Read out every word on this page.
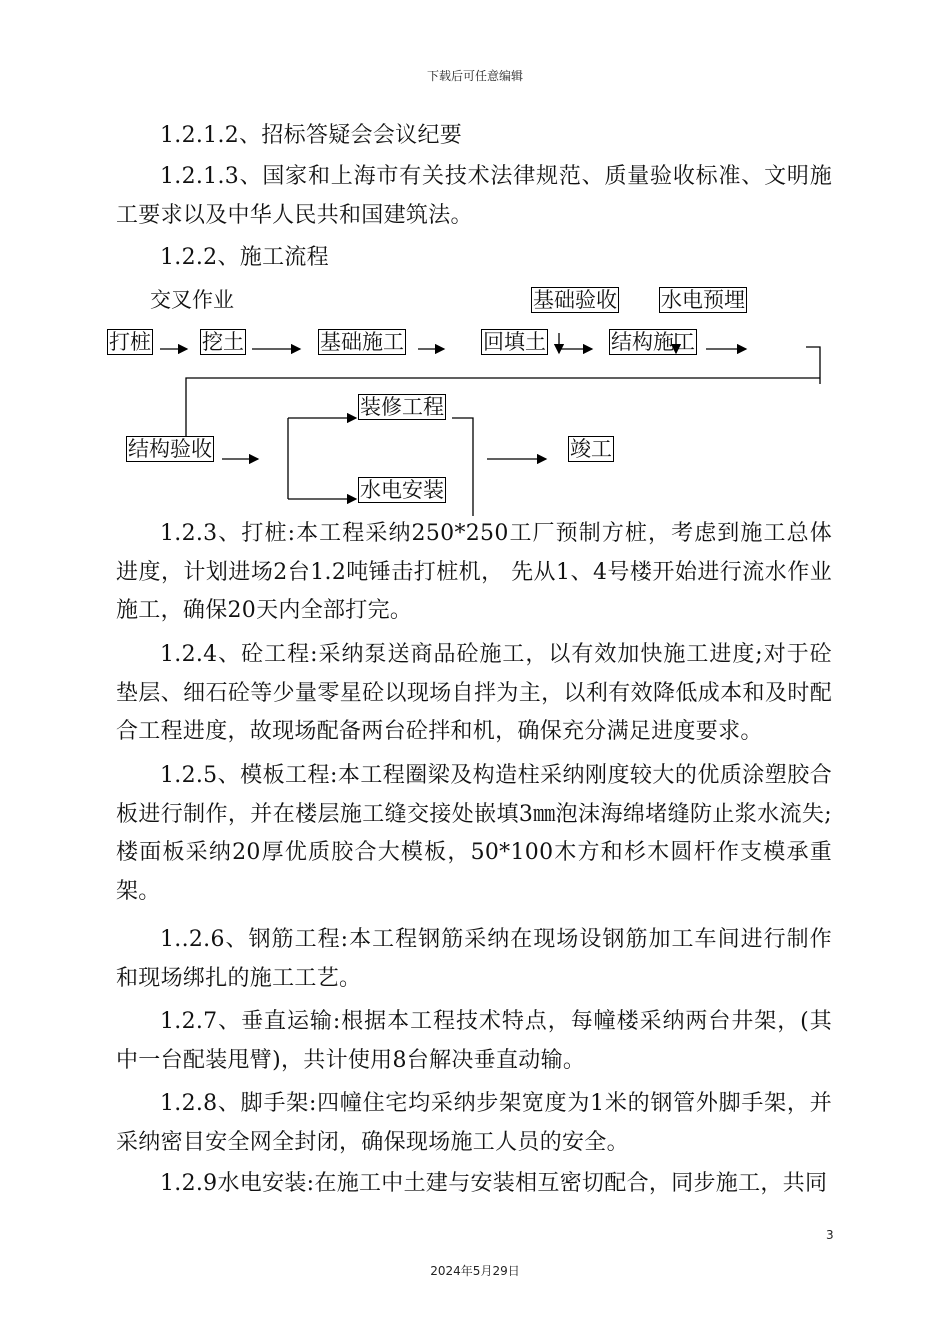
下载后可任意编辑

1.2.1.2、招标答疑会会议纪要

1.2.1.3、国家和上海市有关技术法律规范、质量验收标准、文明施工要求以及中华人民共和国建筑法。

1.2.2、施工流程

交叉作业	基础验收 水电预埋
打桩 挖土	基础施工	回填土	结构施工
装修工程
结构验收	竣工
水电安装

1.2.3、打桩:本工程采纳250*250工厂预制方桩，考虑到施工总体进度，计划进场2台1.2吨锤击打桩机， 先从1、4号楼开始进行流水作业施工，确保20天内全部打完。

1.2.4、砼工程:采纳泵送商品砼施工，以有效加快施工进度;对于砼垫层、细石砼等少量零星砼以现场自拌为主，以利有效降低成本和及时配合工程进度，故现场配备两台砼拌和机，确保充分满足进度要求。

1.2.5、模板工程:本工程圈梁及构造柱采纳刚度较大的优质涂塑胶合板进行制作，并在楼层施工缝交接处嵌填3㎜泡沫海绵堵缝防止浆水流失;楼面板采纳20厚优质胶合大模板，50*100木方和杉木圆杆作支模承重架。

1..2.6、钢筋工程:本工程钢筋采纳在现场设钢筋加工车间进行制作和现场绑扎的施工工艺。

1.2.7、垂直运输:根据本工程技术特点，每幢楼采纳两台井架，(其中一台配装甩臂)，共计使用8台解决垂直动输。

1.2.8、脚手架:四幢住宅均采纳步架宽度为1米的钢管外脚手架，并采纳密目安全网全封闭，确保现场施工人员的安全。

1.2.9水电安装:在施工中土建与安装相互密切配合，同步施工，共同

3
2024年5月29日
